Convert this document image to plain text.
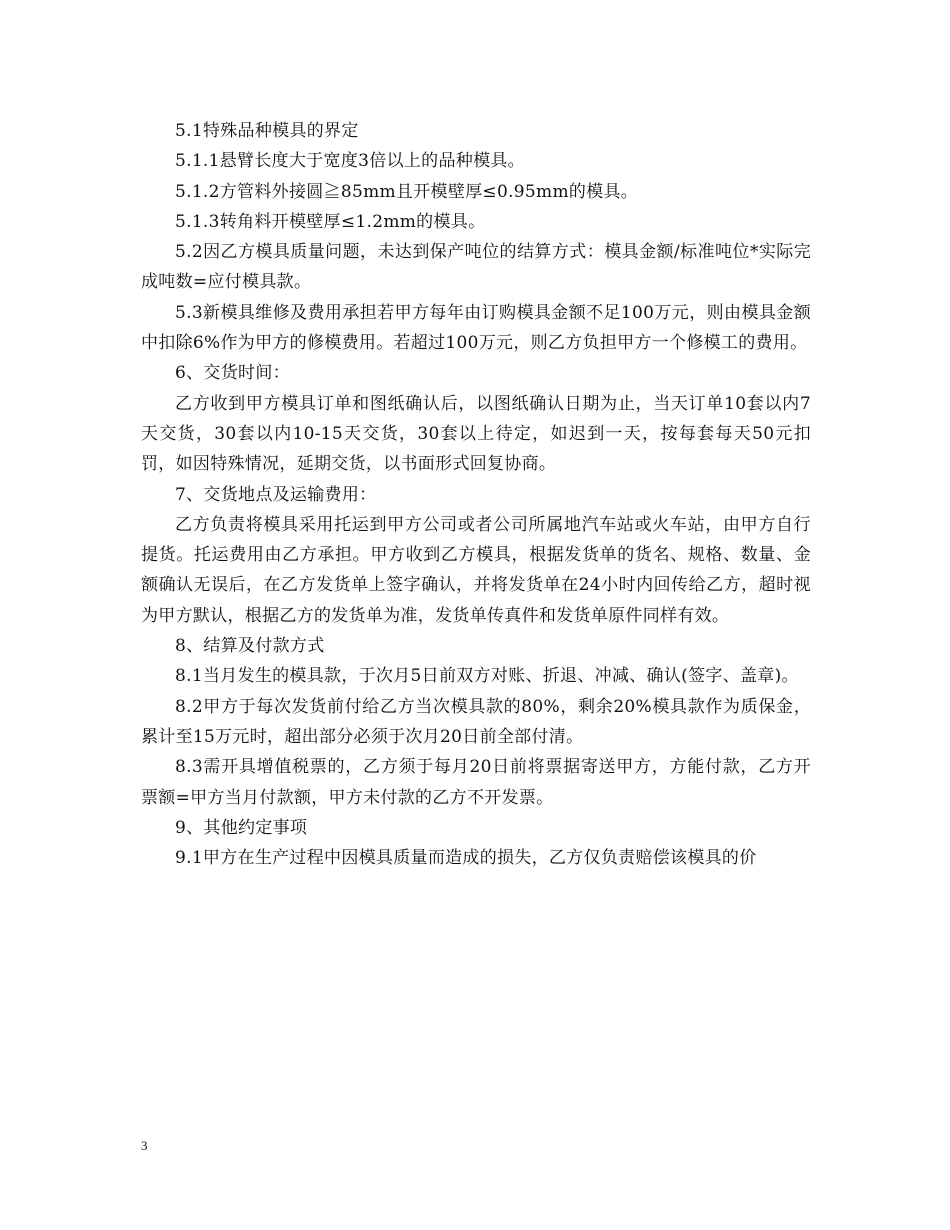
5.1特殊品种模具的界定

5.1.1悬臂长度大于宽度3倍以上的品种模具。

5.1.2方管料外接圆≧85mm且开模壁厚≤0.95mm的模具。

5.1.3转角料开模壁厚≤1.2mm的模具。

5.2因乙方模具质量问题，未达到保产吨位的结算方式：模具金额/标准吨位*实际完成吨数=应付模具款。

5.3新模具维修及费用承担若甲方每年由订购模具金额不足100万元，则由模具金额中扣除6%作为甲方的修模费用。若超过100万元，则乙方负担甲方一个修模工的费用。

6、交货时间：

乙方收到甲方模具订单和图纸确认后，以图纸确认日期为止，当天订单10套以内7天交货，30套以内10-15天交货，30套以上待定，如迟到一天，按每套每天50元扣罚，如因特殊情况，延期交货，以书面形式回复协商。

7、交货地点及运输费用：

乙方负责将模具采用托运到甲方公司或者公司所属地汽车站或火车站，由甲方自行提货。托运费用由乙方承担。甲方收到乙方模具，根据发货单的货名、规格、数量、金额确认无误后，在乙方发货单上签字确认，并将发货单在24小时内回传给乙方，超时视为甲方默认，根据乙方的发货单为准，发货单传真件和发货单原件同样有效。

8、结算及付款方式

8.1当月发生的模具款，于次月5日前双方对账、折退、冲减、确认(签字、盖章)。

8.2甲方于每次发货前付给乙方当次模具款的80%，剩余20%模具款作为质保金，累计至15万元时，超出部分必须于次月20日前全部付清。

8.3需开具增值税票的，乙方须于每月20日前将票据寄送甲方，方能付款，乙方开票额=甲方当月付款额，甲方未付款的乙方不开发票。

9、其他约定事项

9.1甲方在生产过程中因模具质量而造成的损失，乙方仅负责赔偿该模具的价

3
